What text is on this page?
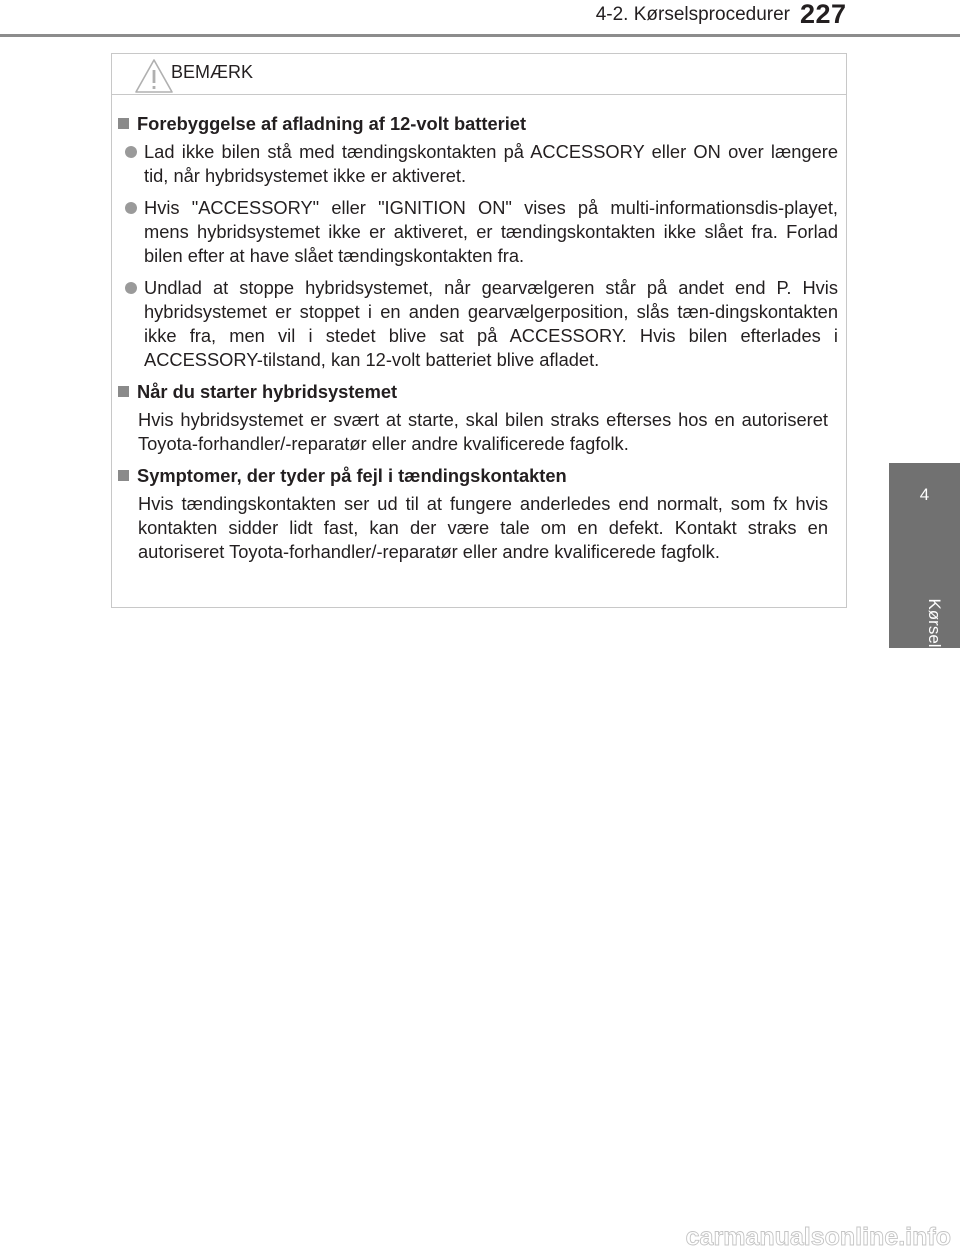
4-2. Kørselsprocedurer 227
4
Kørsel
BEMÆRK
Forebyggelse af afladning af 12-volt batteriet
Lad ikke bilen stå med tændingskontakten på ACCESSORY eller ON over længere tid, når hybridsystemet ikke er aktiveret.
Hvis "ACCESSORY" eller "IGNITION ON" vises på multi-informationsdis-playet, mens hybridsystemet ikke er aktiveret, er tændingskontakten ikke slået fra. Forlad bilen efter at have slået tændingskontakten fra.
Undlad at stoppe hybridsystemet, når gearvælgeren står på andet end P. Hvis hybridsystemet er stoppet i en anden gearvælgerposition, slås tæn-dingskontakten ikke fra, men vil i stedet blive sat på ACCESSORY. Hvis bilen efterlades i ACCESSORY-tilstand, kan 12-volt batteriet blive afladet.
Når du starter hybridsystemet
Hvis hybridsystemet er svært at starte, skal bilen straks efterses hos en autoriseret Toyota-forhandler/-reparatør eller andre kvalificerede fagfolk.
Symptomer, der tyder på fejl i tændingskontakten
Hvis tændingskontakten ser ud til at fungere anderledes end normalt, som fx hvis kontakten sidder lidt fast, kan der være tale om en defekt. Kontakt straks en autoriseret Toyota-forhandler/-reparatør eller andre kvalificerede fagfolk.
carmanualsonline.info
